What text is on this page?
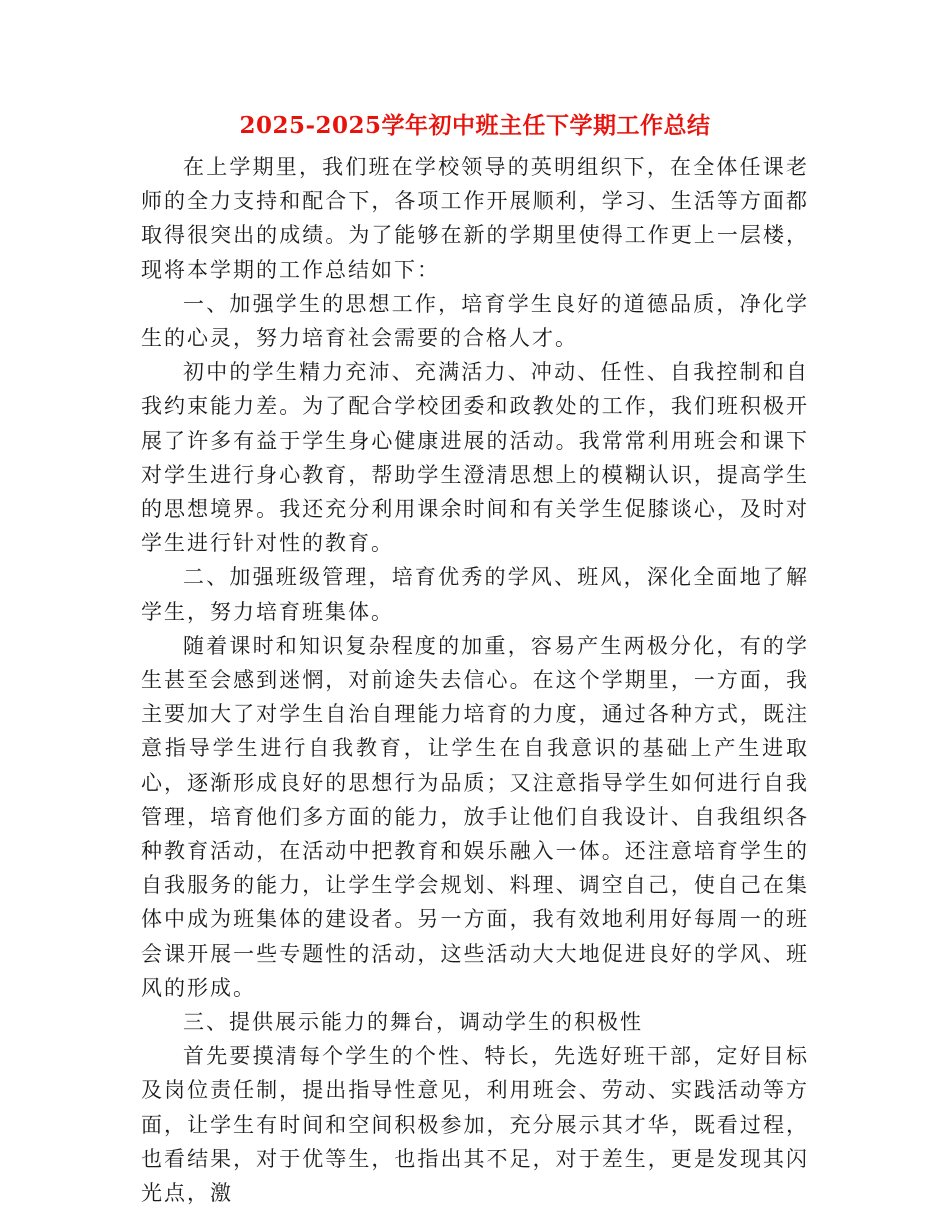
2025-2025学年初中班主任下学期工作总结

在上学期里，我们班在学校领导的英明组织下，在全体任课老师的全力支持和配合下，各项工作开展顺利，学习、生活等方面都取得很突出的成绩。为了能够在新的学期里使得工作更上一层楼，现将本学期的工作总结如下：

一、加强学生的思想工作，培育学生良好的道德品质，净化学生的心灵，努力培育社会需要的合格人才。

初中的学生精力充沛、充满活力、冲动、任性、自我控制和自我约束能力差。为了配合学校团委和政教处的工作，我们班积极开展了许多有益于学生身心健康进展的活动。我常常利用班会和课下对学生进行身心教育，帮助学生澄清思想上的模糊认识，提高学生的思想境界。我还充分利用课余时间和有关学生促膝谈心，及时对学生进行针对性的教育。

二、加强班级管理，培育优秀的学风、班风，深化全面地了解学生，努力培育班集体。

随着课时和知识复杂程度的加重，容易产生两极分化，有的学生甚至会感到迷惘，对前途失去信心。在这个学期里，一方面，我主要加大了对学生自治自理能力培育的力度，通过各种方式，既注意指导学生进行自我教育，让学生在自我意识的基础上产生进取心，逐渐形成良好的思想行为品质；又注意指导学生如何进行自我管理，培育他们多方面的能力，放手让他们自我设计、自我组织各种教育活动，在活动中把教育和娱乐融入一体。还注意培育学生的自我服务的能力，让学生学会规划、料理、调空自己，使自己在集体中成为班集体的建设者。另一方面，我有效地利用好每周一的班会课开展一些专题性的活动，这些活动大大地促进良好的学风、班风的形成。

三、提供展示能力的舞台，调动学生的积极性

首先要摸清每个学生的个性、特长，先选好班干部，定好目标及岗位责任制，提出指导性意见，利用班会、劳动、实践活动等方面，让学生有时间和空间积极参加，充分展示其才华，既看过程，也看结果，对于优等生，也指出其不足，对于差生，更是发现其闪光点，激
